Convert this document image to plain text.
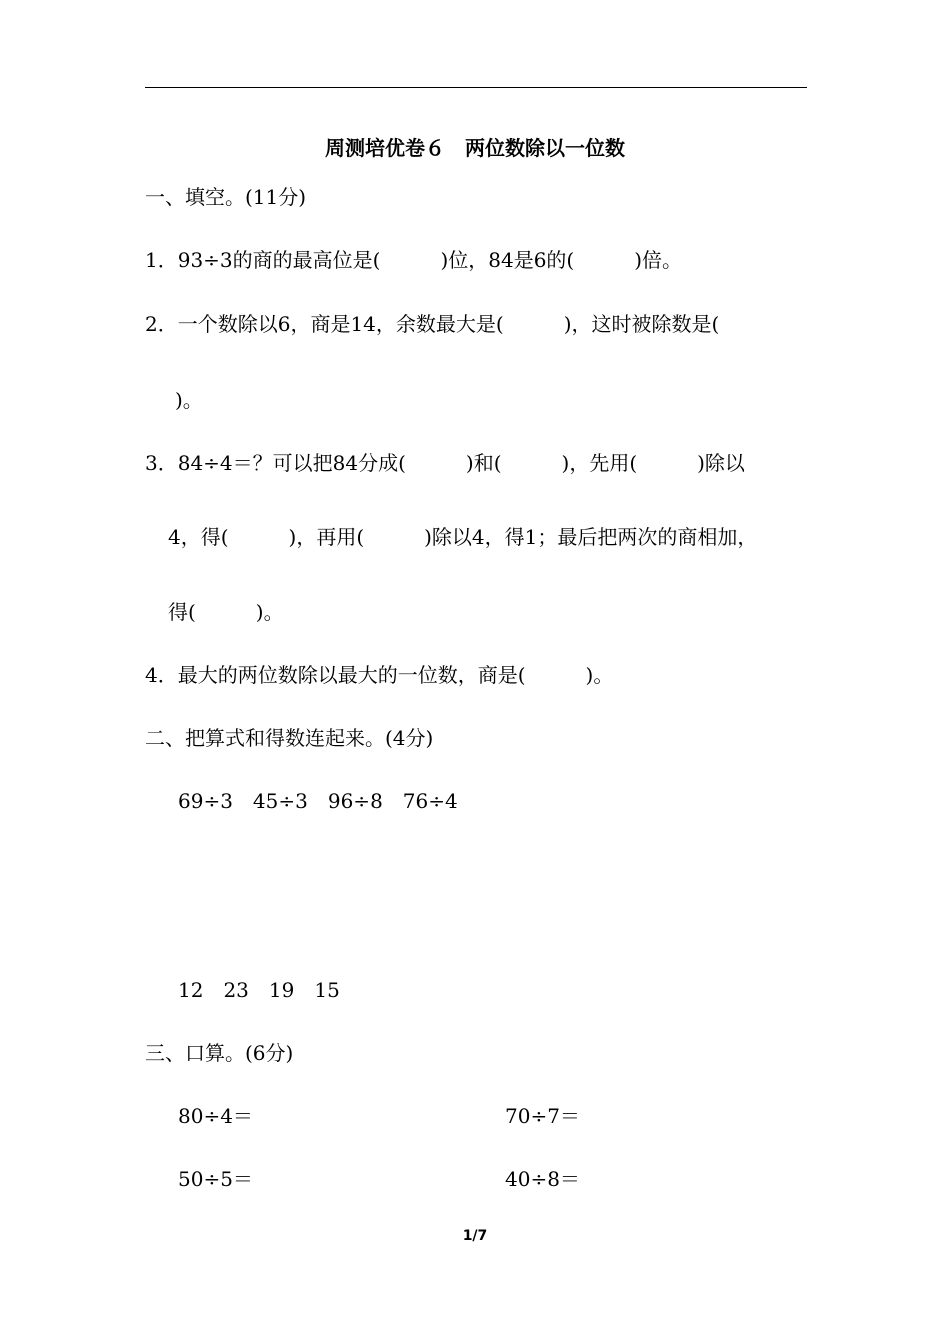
周测培优卷６　两位数除以一位数
一、填空。(11分)
1．93÷3的商的最高位是(　　　)位，84是6的(　　　)倍。
2．一个数除以6，商是14，余数最大是(　　　)，这时被除数是(
)。
3．84÷4＝？可以把84分成(　　　)和(　　　)，先用(　　　)除以
4，得(　　　)，再用(　　　)除以4，得1；最后把两次的商相加，
得(　　　)。
4．最大的两位数除以最大的一位数，商是(　　　)。
二、把算式和得数连起来。(4分)
69÷3　45÷3　96÷8　76÷4
12　23　19　15
三、口算。(6分)
80÷4＝	70÷7＝
50÷5＝	40÷8＝
1/7
